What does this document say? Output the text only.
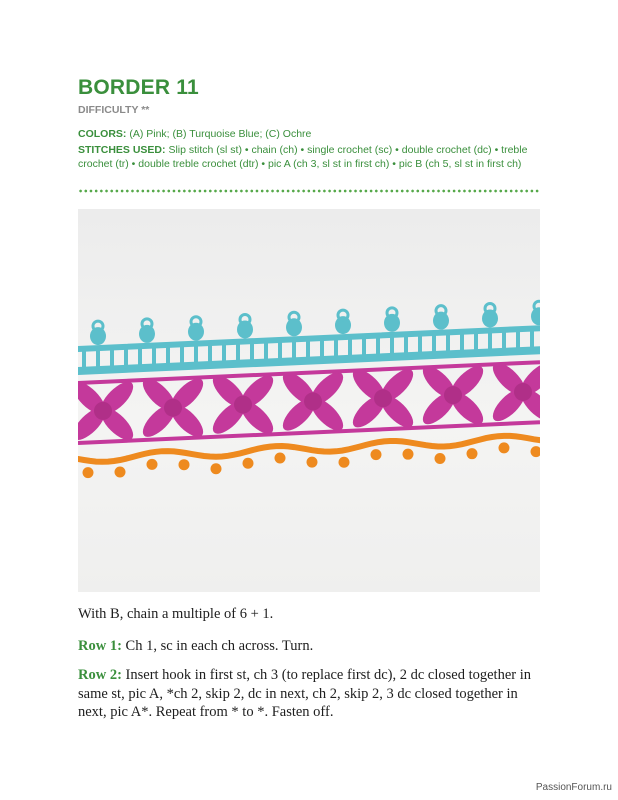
BORDER 11
DIFFICULTY **
COLORS: (A) Pink; (B) Turquoise Blue; (C) Ochre
STITCHES USED: Slip stitch (sl st) • chain (ch) • single crochet (sc) • double crochet (dc) • treble crochet (tr) • double treble crochet (dtr) • pic A (ch 3, sl st in first ch) • pic B (ch 5, sl st in first ch)
With B, chain a multiple of 6 + 1.
Row 1: Ch 1, sc in each ch across. Turn.
Row 2: Insert hook in first st, ch 3 (to replace first dc), 2 dc closed together in same st, pic A, *ch 2, skip 2, dc in next, ch 2, skip 2, 3 dc closed together in next, pic A*. Repeat from * to *. Fasten off.
PassionForum.ru
